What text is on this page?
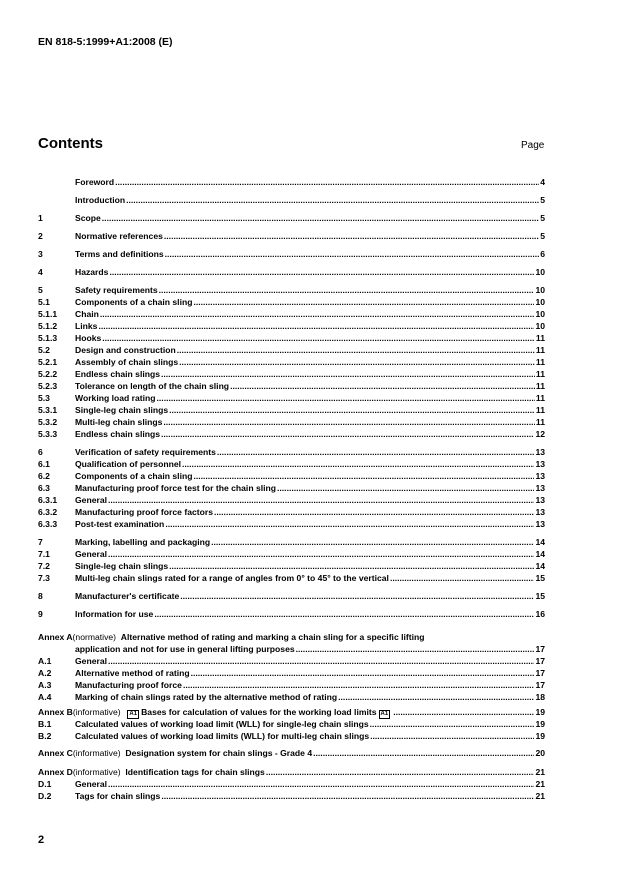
EN 818-5:1999+A1:2008 (E)
Contents	Page
Foreword .....	4
Introduction .....	5
1	Scope .....	5
2	Normative references .....	5
3	Terms and definitions .....	6
4	Hazards .....	10
5	Safety requirements .....	10
5.1	Components of a chain sling .....	10
5.1.1	Chain .....	10
5.1.2	Links .....	10
5.1.3	Hooks .....	11
5.2	Design and construction .....	11
5.2.1	Assembly of chain slings .....	11
5.2.2	Endless chain slings .....	11
5.2.3	Tolerance on length of the chain sling .....	11
5.3	Working load rating .....	11
5.3.1	Single-leg chain slings .....	11
5.3.2	Multi-leg chain slings .....	11
5.3.3	Endless chain slings .....	12
6	Verification of safety requirements .....	13
6.1	Qualification of personnel .....	13
6.2	Components of a chain sling .....	13
6.3	Manufacturing proof force test for the chain sling .....	13
6.3.1	General .....	13
6.3.2	Manufacturing proof force factors .....	13
6.3.3	Post-test examination .....	13
7	Marking, labelling and packaging .....	14
7.1	General .....	14
7.2	Single-leg chain slings .....	14
7.3	Multi-leg chain slings rated for a range of angles from 0° to 45° to the vertical .....	15
8	Manufacturer's certificate .....	15
9	Information for use .....	16
Annex A (normative)
Alternative method of rating and marking a chain sling for a specific lifting
application and not for use in general lifting purposes .....	17
A.1	General .....	17
A.2	Alternative method of rating .....	17
A.3	Manufacturing proof force .....	17
A.4	Marking of chain slings rated by the alternative method of rating .....	18
Annex B (informative)
	A1 Bases for calculation of values for the working load limits A1 .....	19
B.1	Calculated values of working load limit (WLL) for single-leg chain slings .....	19
B.2	Calculated values of working load limits (WLL) for multi-leg chain slings .....	19
Annex C (informative)
Designation system for chain slings - Grade 4 .....	20
Annex D (informative)
Identification tags for chain slings .....	21
D.1	General .....	21
D.2	Tags for chain slings .....	21
2
